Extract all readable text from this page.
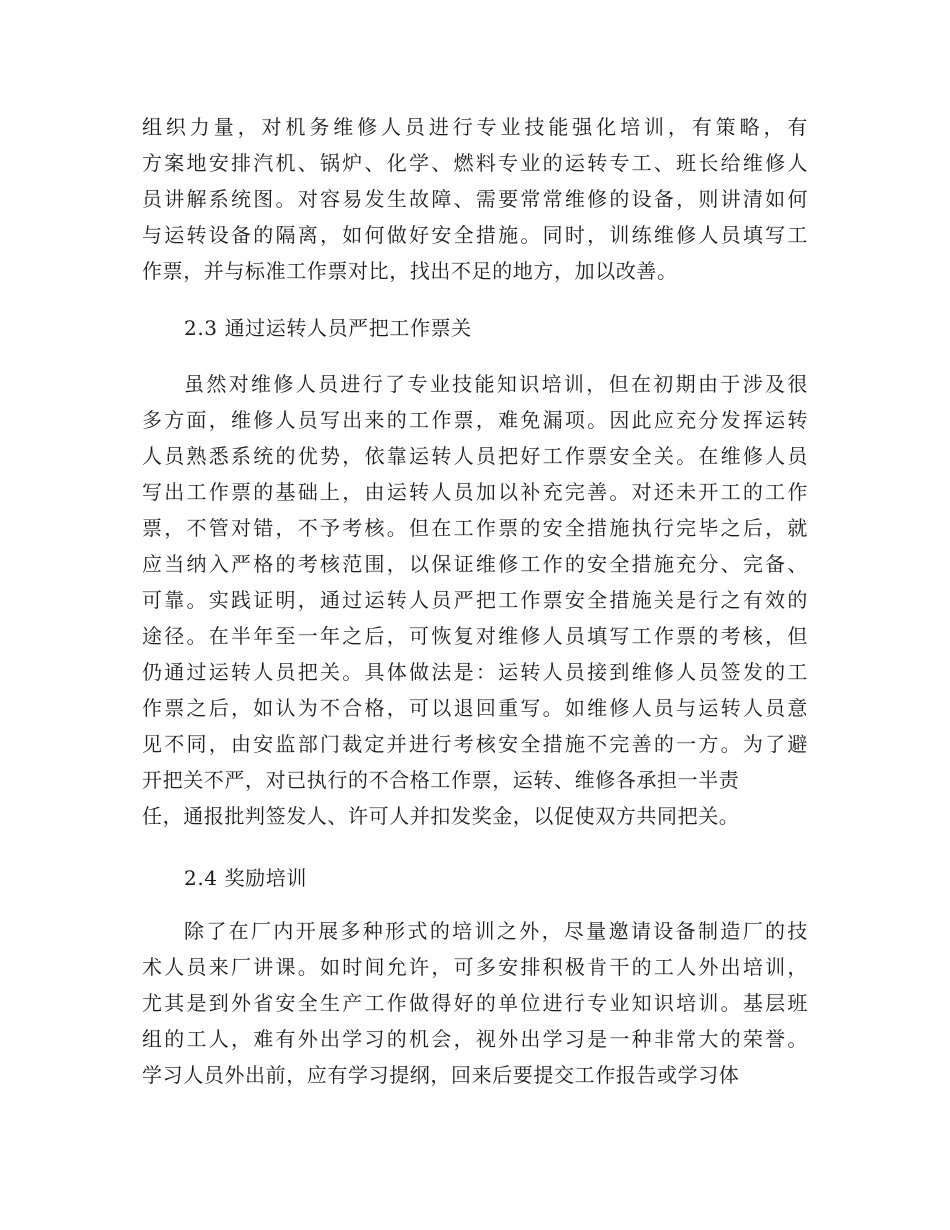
组织力量，对机务维修人员进行专业技能强化培训，有策略，有
方案地安排汽机、锅炉、化学、燃料专业的运转专工、班长给维修人
员讲解系统图。对容易发生故障、需要常常维修的设备，则讲清如何
与运转设备的隔离，如何做好安全措施。同时，训练维修人员填写工
作票，并与标准工作票对比，找出不足的地方，加以改善。
2.3 通过运转人员严把工作票关
虽然对维修人员进行了专业技能知识培训，但在初期由于涉及很
多方面，维修人员写出来的工作票，难免漏项。因此应充分发挥运转
人员熟悉系统的优势，依靠运转人员把好工作票安全关。在维修人员
写出工作票的基础上，由运转人员加以补充完善。对还未开工的工作
票，不管对错，不予考核。但在工作票的安全措施执行完毕之后，就
应当纳入严格的考核范围，以保证维修工作的安全措施充分、完备、
可靠。实践证明，通过运转人员严把工作票安全措施关是行之有效的
途径。在半年至一年之后，可恢复对维修人员填写工作票的考核，但
仍通过运转人员把关。具体做法是：运转人员接到维修人员签发的工
作票之后，如认为不合格，可以退回重写。如维修人员与运转人员意
见不同，由安监部门裁定并进行考核安全措施不完善的一方。为了避
开把关不严，对已执行的不合格工作票，运转、维修各承担一半责
任，通报批判签发人、许可人并扣发奖金，以促使双方共同把关。
2.4 奖励培训
除了在厂内开展多种形式的培训之外，尽量邀请设备制造厂的技
术人员来厂讲课。如时间允许，可多安排积极肯干的工人外出培训，
尤其是到外省安全生产工作做得好的单位进行专业知识培训。基层班
组的工人，难有外出学习的机会，视外出学习是一种非常大的荣誉。
学习人员外出前，应有学习提纲，回来后要提交工作报告或学习体
